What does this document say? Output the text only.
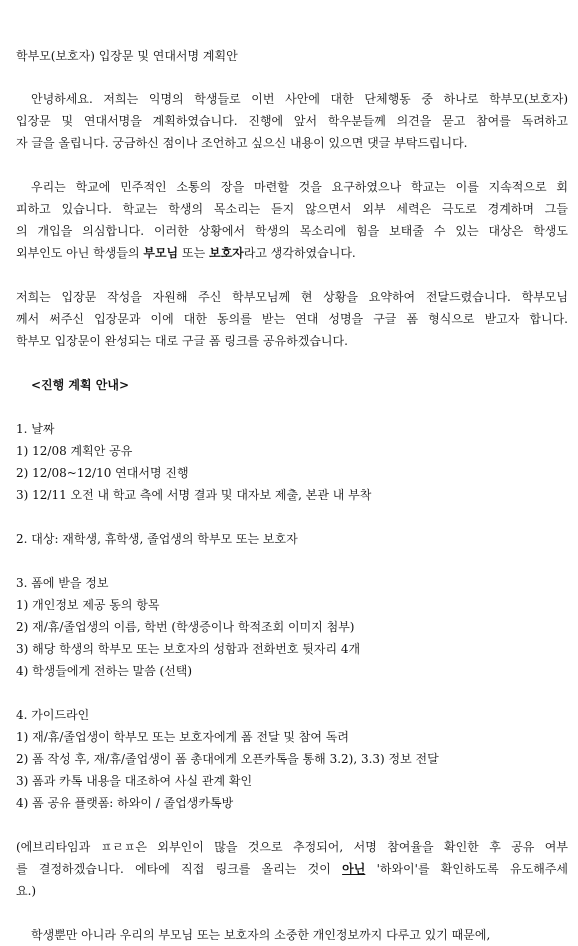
학부모(보호자) 입장문 및 연대서명 계획안

안녕하세요. 저희는 익명의 학생들로 이번 사안에 대한 단체행동 중 하나로 학부모(보호자)
입장문 및 연대서명을 계획하였습니다. 진행에 앞서 학우분들께 의견을 묻고 참여를 독려하고
자 글을 올립니다. 궁금하신 점이나 조언하고 싶으신 내용이 있으면 댓글 부탁드립니다.
우리는 학교에 민주적인 소통의 장을 마련할 것을 요구하였으나 학교는 이를 지속적으로 회
피하고 있습니다. 학교는 학생의 목소리는 듣지 않으면서 외부 세력은 극도로 경계하며 그들
의 개입을 의심합니다. 이러한 상황에서 학생의 목소리에 힘을 보태줄 수 있는 대상은 학생도
외부인도 아닌 학생들의 부모님 또는 보호자라고 생각하였습니다.
저희는 입장문 작성을 자원해 주신 학부모님께 현 상황을 요약하여 전달드렸습니다. 학부모님
께서 써주신 입장문과 이에 대한 동의를 받는 연대 성명을 구글 폼 형식으로 받고자 합니다.
학부모 입장문이 완성되는 대로 구글 폼 링크를 공유하겠습니다.

<진행 계획 안내>

1. 날짜
1) 12/08 계획안 공유
2) 12/08~12/10 연대서명 진행
3) 12/11 오전 내 학교 측에 서명 결과 및 대자보 제출, 본관 내 부착
2. 대상: 재학생, 휴학생, 졸업생의 학부모 또는 보호자
3. 폼에 받을 정보
1) 개인정보 제공 동의 항목
2) 재/휴/졸업생의 이름, 학번 (학생증이나 학적조회 이미지 첨부)
3) 해당 학생의 학부모 또는 보호자의 성함과 전화번호 뒷자리 4개
4) 학생들에게 전하는 말씀 (선택)
4. 가이드라인
1) 재/휴/졸업생이 학부모 또는 보호자에게 폼 전달 및 참여 독려
2) 폼 작성 후, 재/휴/졸업생이 폼 총대에게 오픈카톡을 통해 3.2), 3.3) 정보 전달
3) 폼과 카톡 내용을 대조하여 사실 관계 확인
4) 폼 공유 플랫폼: 하와이 / 졸업생카톡방
(에브리타임과 ㅍㄹㅍ은 외부인이 많을 것으로 추정되어, 서명 참여율을 확인한 후 공유 여부
를 결정하겠습니다. 에타에 직접 링크를 올리는 것이 아닌 '하와이'를 확인하도록 유도해주세
요.)

학생뿐만 아니라 우리의 부모님 또는 보호자의 소중한 개인정보까지 다루고 있기 때문에,
